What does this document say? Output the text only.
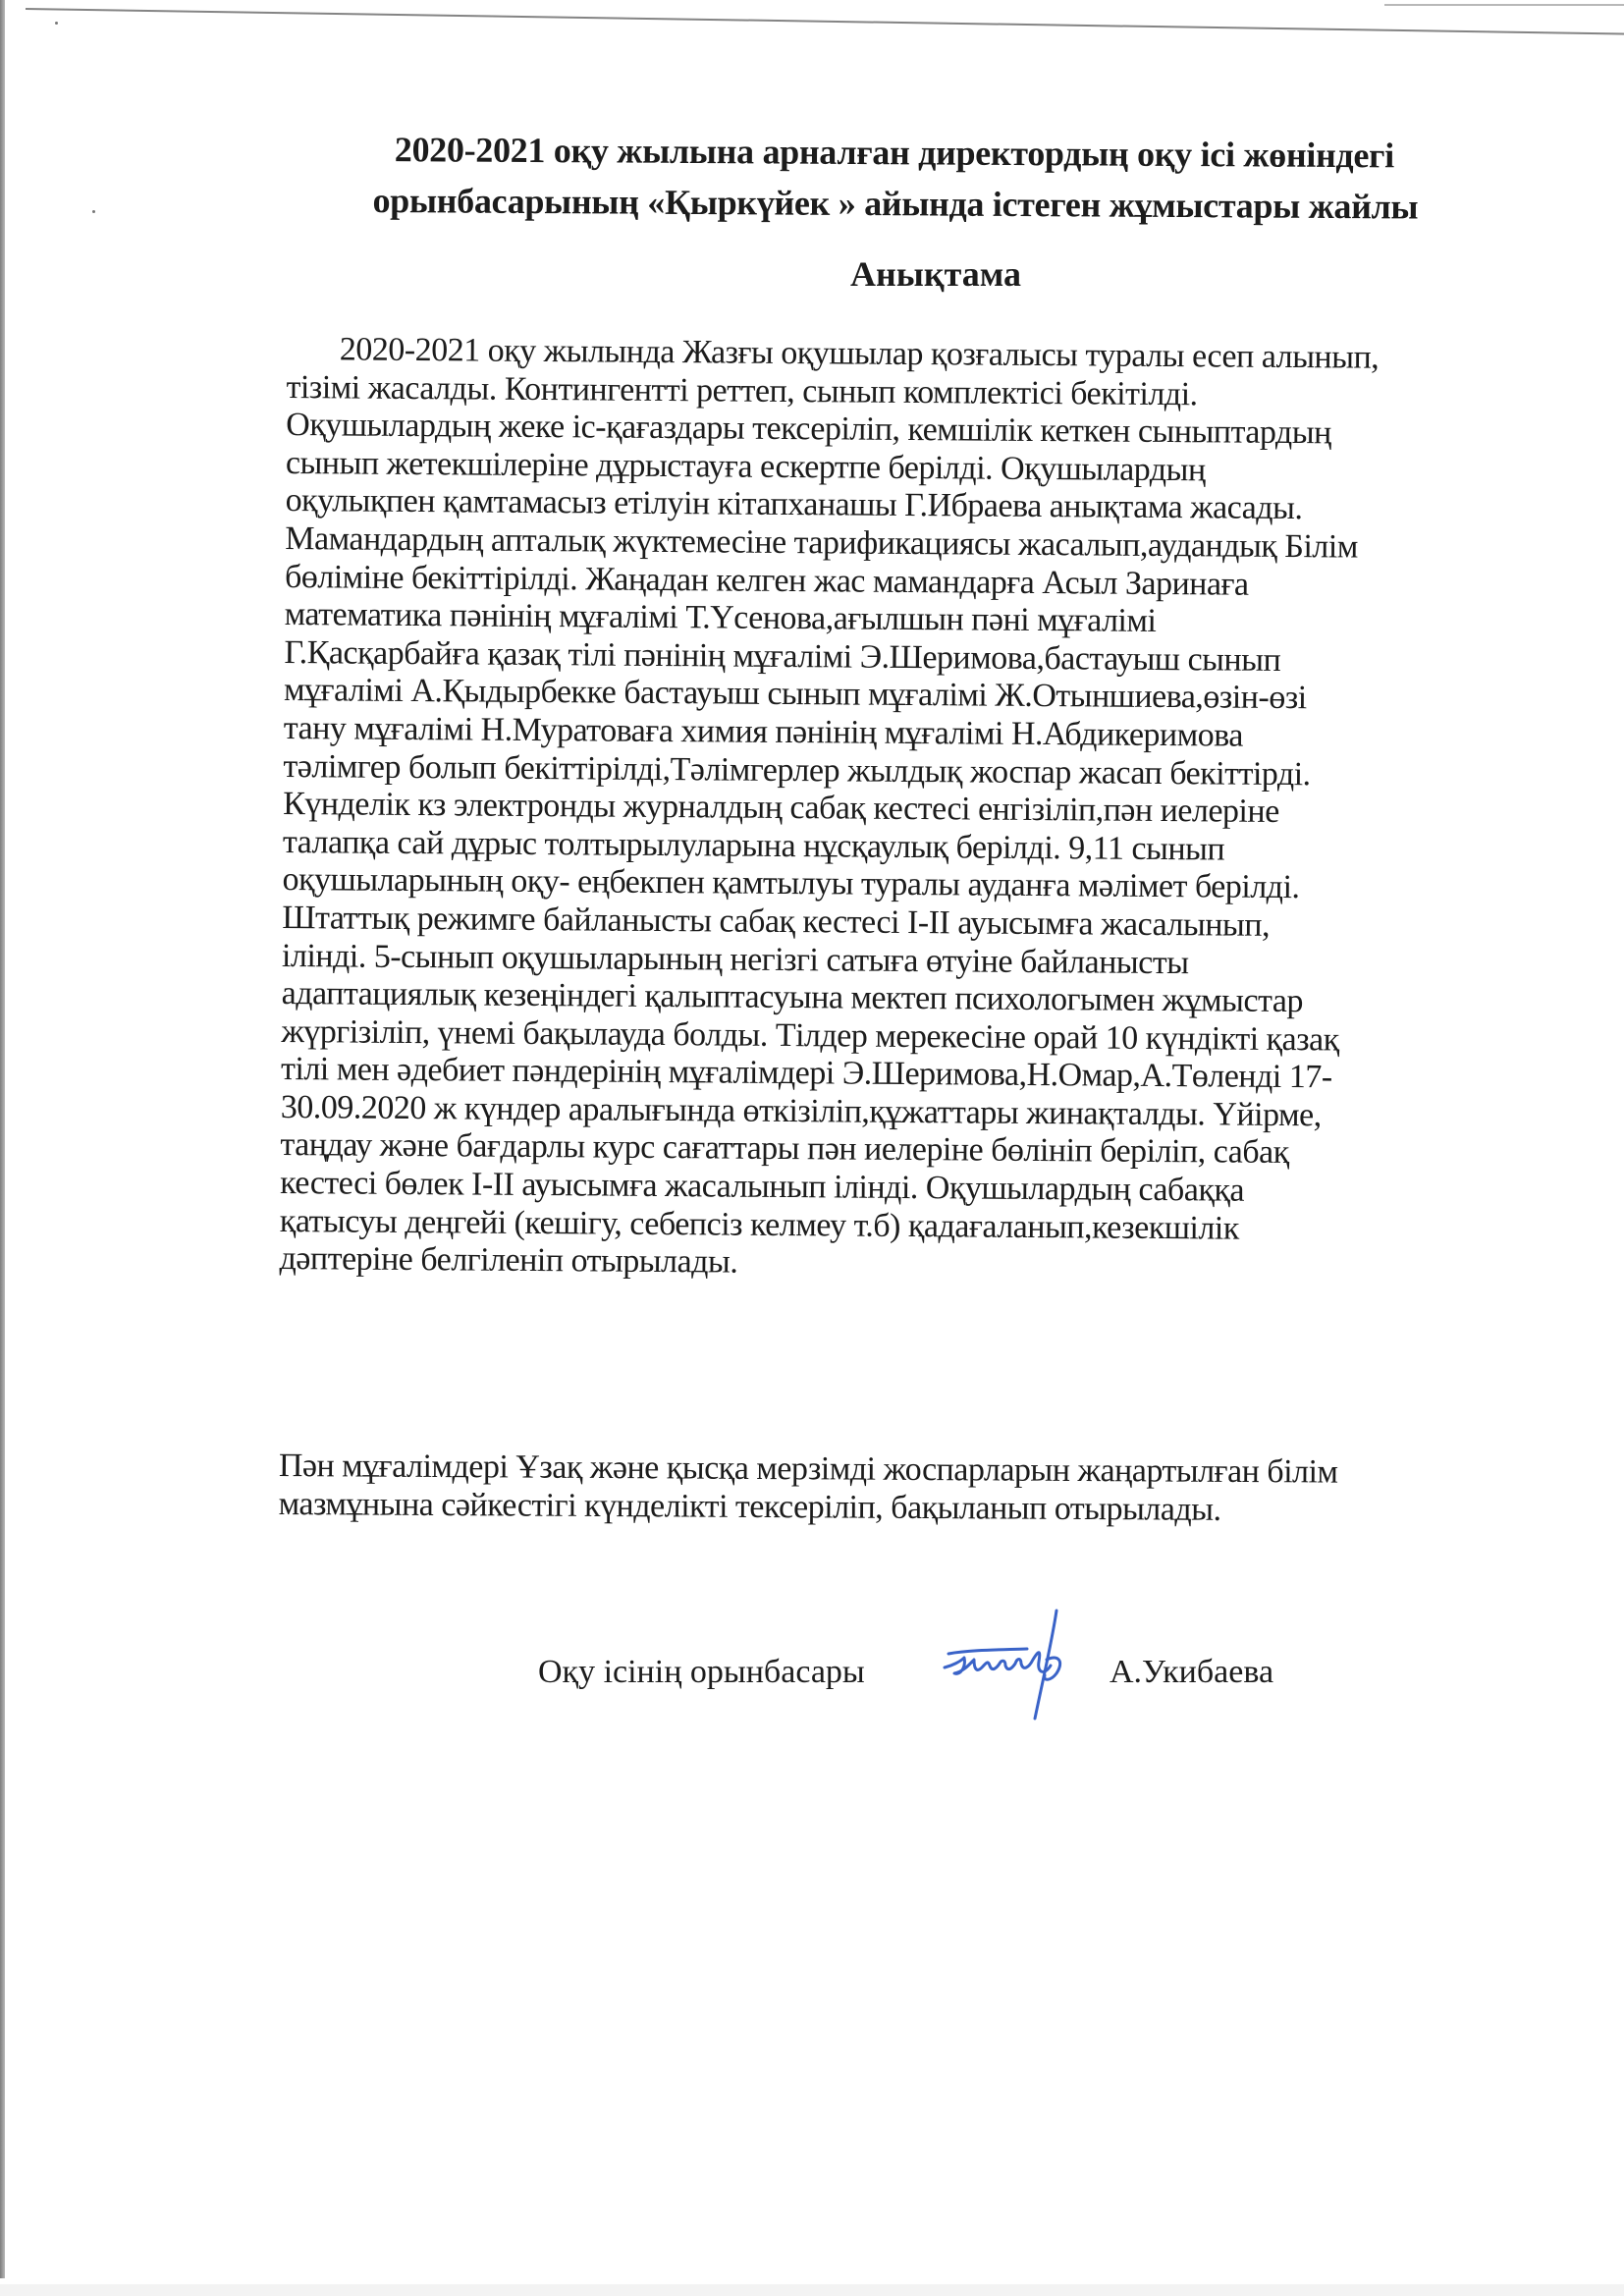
2020-2021 оқу жылына арналған директордың оқу ісі жөніндегі
орынбасарының «Қыркүйек » айында істеген жұмыстары жайлы
Анықтама
2020-2021 оқу жылында Жазғы оқушылар қозғалысы туралы есеп алынып,
тізімі жасалды. Контингентті реттеп, сынып комплектісі бекітілді.
Оқушылардың жеке іс-қағаздары тексеріліп, кемшілік кеткен сыныптардың
сынып жетекшілеріне дұрыстауға ескертпе берілді. Оқушылардың
оқулықпен қамтамасыз етілуін кітапханашы Г.Ибраева анықтама жасады.
Мамандардың апталық жүктемесіне тарификациясы жасалып,аудандық Білім
бөліміне бекіттірілді. Жаңадан келген жас мамандарға Асыл Заринаға
математика пәнінің мұғалімі Т.Үсенова,ағылшын пәні мұғалімі
Г.Қасқарбайға қазақ тілі пәнінің мұғалімі Э.Шеримова,бастауыш сынып
мұғалімі А.Қыдырбекке бастауыш сынып мұғалімі Ж.Отыншиева,өзін-өзі
тану мұғалімі Н.Муратоваға химия пәнінің мұғалімі Н.Абдикеримова
тәлімгер болып бекіттірілді,Тәлімгерлер жылдық жоспар жасап бекіттірді.
Күнделік кз электронды журналдың сабақ кестесі енгізіліп,пән иелеріне
талапқа сай дұрыс толтырылуларына нұсқаулық берілді. 9,11 сынып
оқушыларының оқу- еңбекпен қамтылуы туралы ауданға мәлімет берілді.
Штаттық режимге байланысты сабақ кестесі І-ІІ ауысымға жасалынып,
ілінді. 5-сынып оқушыларының негізгі сатыға өтуіне байланысты
адаптациялық кезеңіндегі қалыптасуына мектеп психологымен жұмыстар
жүргізіліп, үнемі бақылауда болды. Тілдер мерекесіне орай 10 күндікті қазақ
тілі мен әдебиет пәндерінің мұғалімдері Э.Шеримова,Н.Омар,А.Төленді 17-
30.09.2020 ж күндер аралығында өткізіліп,құжаттары жинақталды. Үйірме,
таңдау және бағдарлы курс сағаттары пән иелеріне бөлініп беріліп, сабақ
кестесі бөлек І-ІІ ауысымға жасалынып ілінді. Оқушылардың сабаққа
қатысуы деңгейі (кешігу, себепсіз келмеу т.б) қадағаланып,кезекшілік
дәптеріне белгіленіп отырылады.
Пән мұғалімдері Ұзақ және қысқа мерзімді жоспарларын жаңартылған білім
мазмұнына сәйкестігі күнделікті тексеріліп, бақыланып отырылады.
Оқу ісінің орынбасары	А.Укибаева
